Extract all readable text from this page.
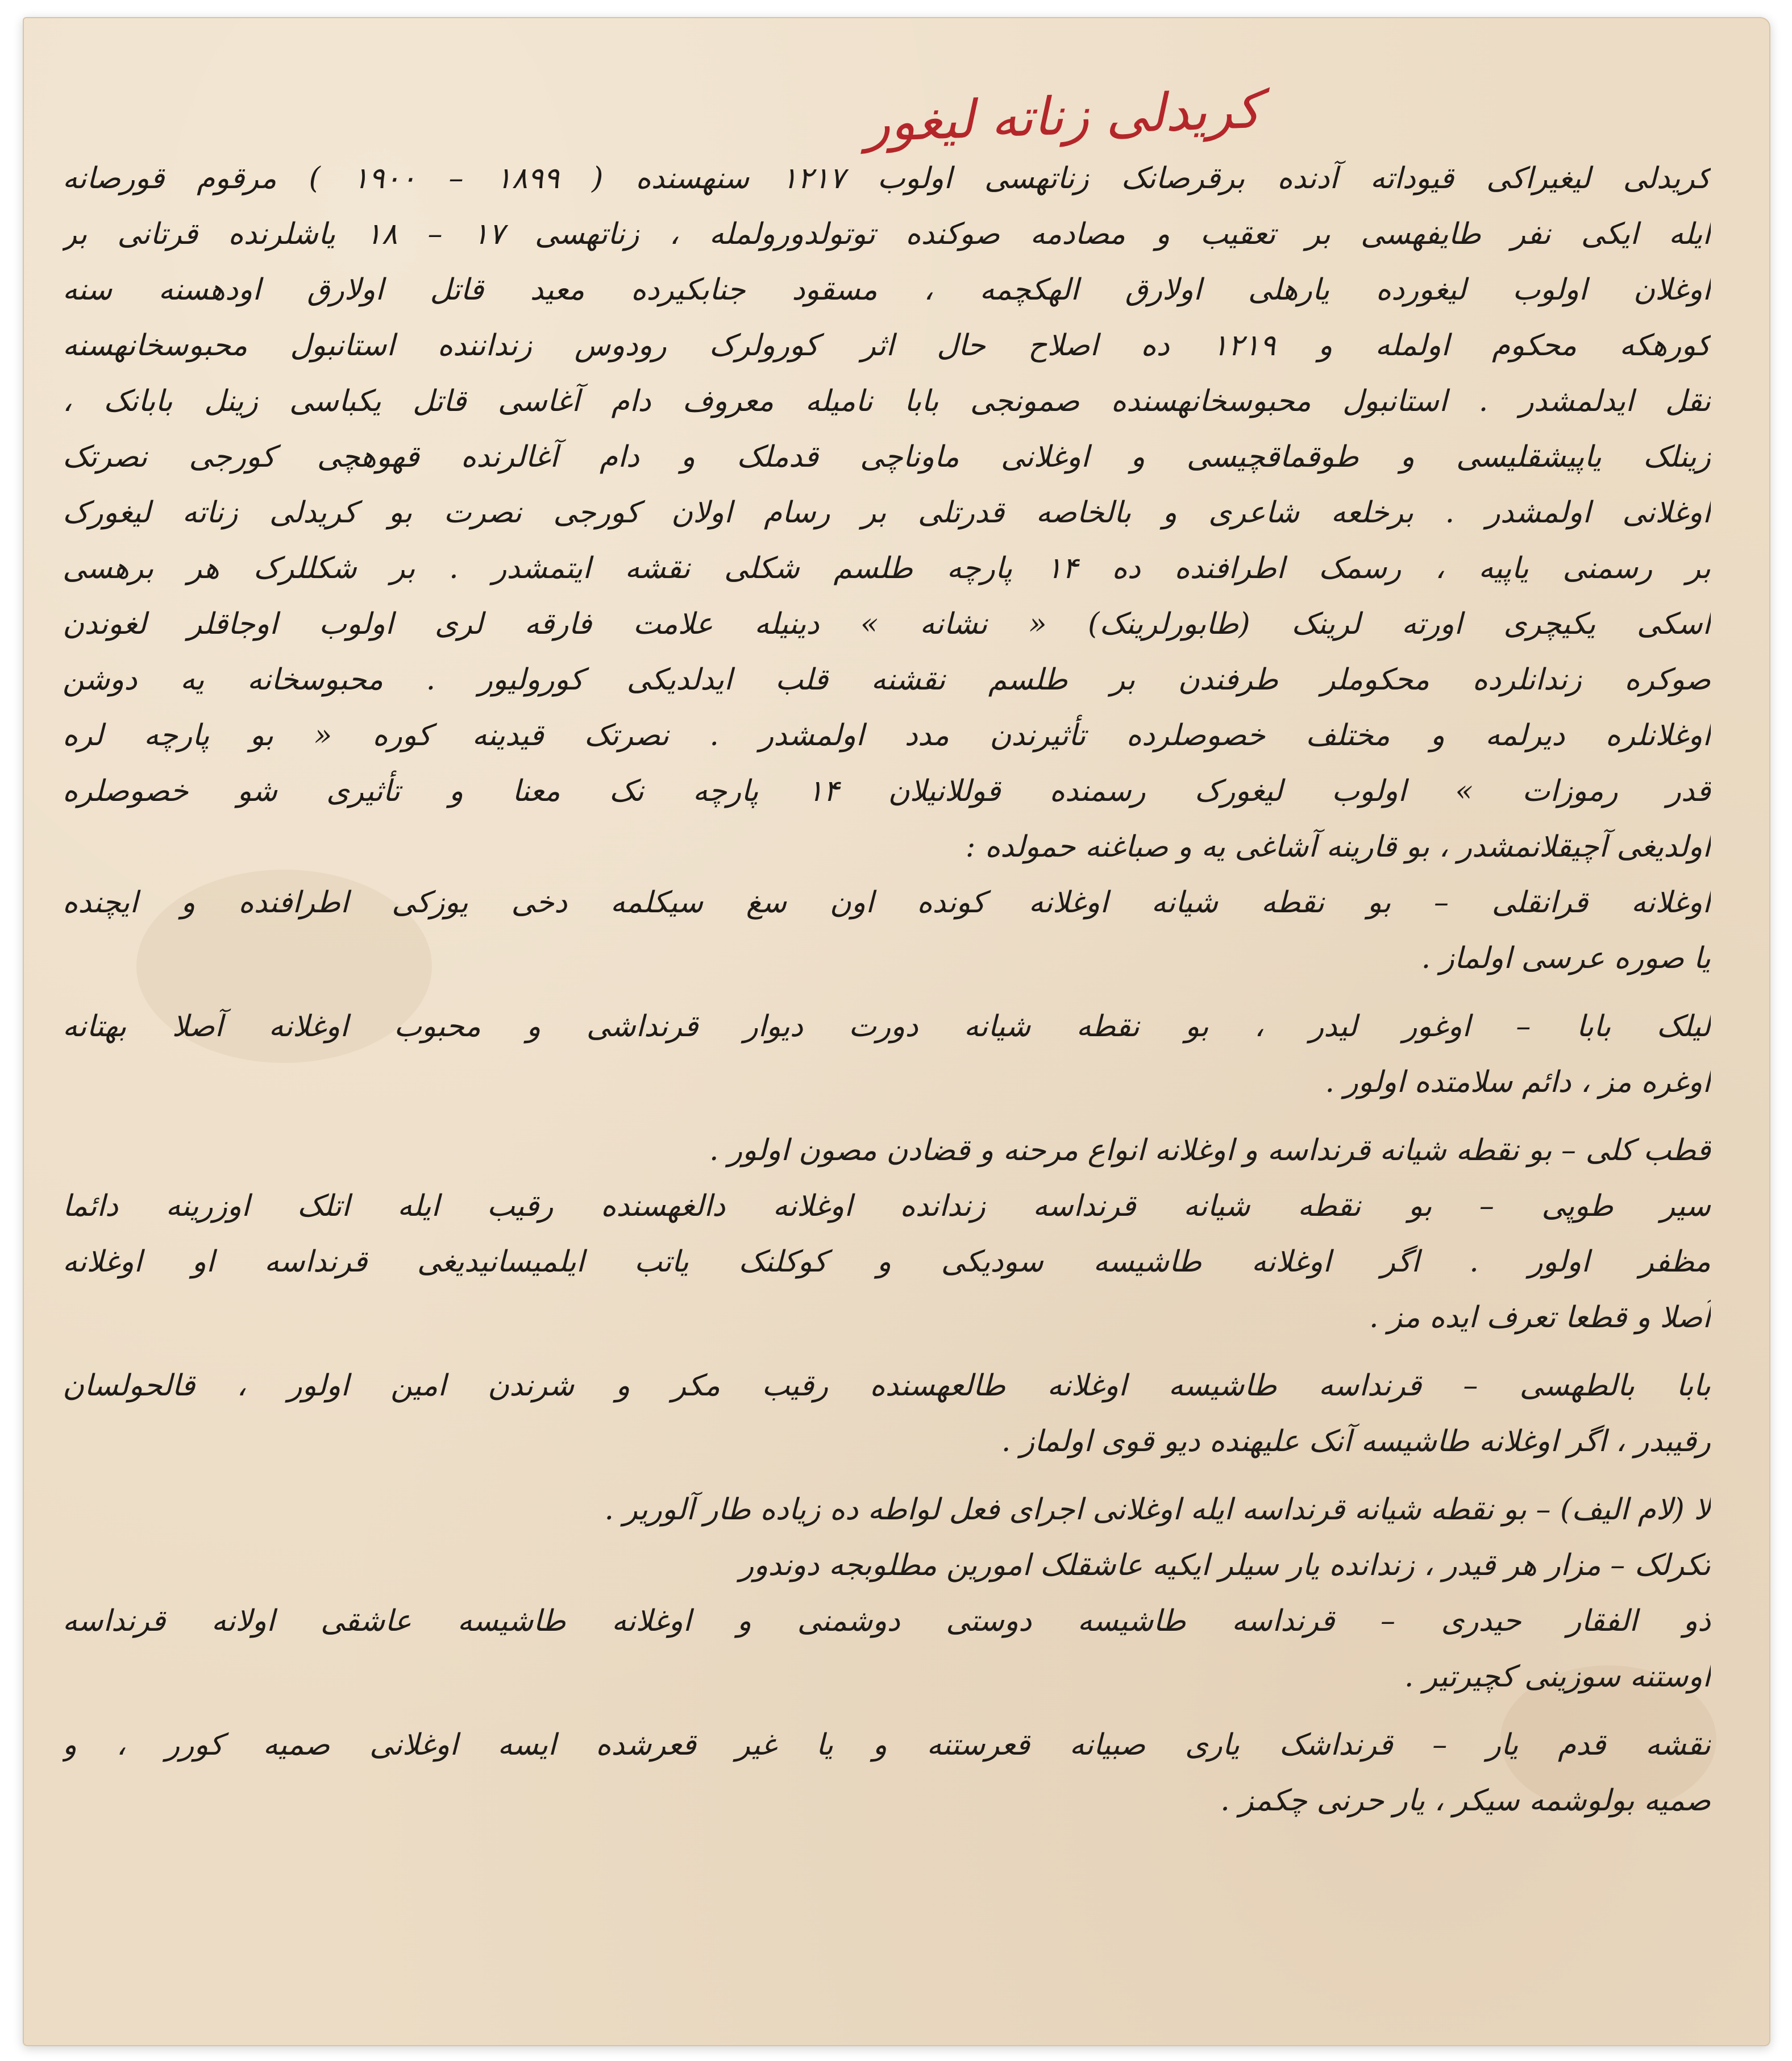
کریدلی زناته لیغور
کریدلی لیغیراکی قیوداته آدنده برقرصانک زناتهسی اولوب ۱۲۱۷ سنهسنده ( ۱۸۹۹ – ۱۹۰۰ ) مرقوم قورصانه
ایله ایکی نفر طایفهسی بر تعقیب و مصادمه صوکنده توتولدورولمله ، زناتهسی ۱۷ – ۱۸ یاشلرنده قرتانی بر
اوغلان اولوب لیغورده یارهلی اولارق الهکچمه ، مسقود جنابکیرده معید قاتل اولارق اودهسنه سنه
کورهکه محکوم اولمله و ۱۲۱۹ ده اصلاح حال اثر کورولرک رودوس زنداننده استانبول محبوسخانهسنه
نقل ایدلمشدر . استانبول محبوسخانهسنده صمونجی بابا نامیله معروف دام آغاسی قاتل یکباسی زینل بابانک ،
زینلک یاپیشقلیسی و طوقماقچیسی و اوغلانی ماوناچی قدملک و دام آغالرنده قهوهچی کورجی نصرتک
اوغلانی اولمشدر . برخلعه شاعری و بالخاصه قدرتلی بر رسام اولان کورجی نصرت بو کریدلی زناته لیغورک
بر رسمنی یاپیه ، رسمک اطرافنده ده ۱۴ پارچه طلسم شکلی نقشه ایتمشدر . بر شکللرک هر برهسی
اسکی یکیچری اورته لرینک (طابورلرینک) « نشانه » دینیله علامت فارقه لری اولوب اوجاقلر لغوندن
صوکره زندانلرده محکوملر طرفندن بر طلسم نقشنه قلب ایدلدیکی کورولیور . محبوسخانه یه دوشن
اوغلانلره دیرلمه و مختلف خصوصلرده تأثیرندن مدد اولمشدر . نصرتک قیدینه کوره « بو پارچه لره
قدر رموزات » اولوب لیغورک رسمنده قوللانیلان ۱۴ پارچه نک معنا و تأثیری شو خصوصلره
اولدیغی آچیقلانمشدر ، بو قارینه آشاغی یه و صباغنه حمولده :
اوغلانه قرانقلی – بو نقطه شیانه اوغلانه کونده اون سغ سیکلمه دخی یوزکی اطرافنده و ایچنده
یا صوره عرسی اولماز .
لیلک بابا – اوغور لیدر ، بو نقطه شیانه دورت دیوار قرنداشی و محبوب اوغلانه آصلا بهتانه
اوغره مز ، دائم سلامتده اولور .
قطب کلی – بو نقطه شیانه قرنداسه و اوغلانه انواع مرحنه و قضادن مصون اولور .
سیر طوپی – بو نقطه شیانه قرنداسه زندانده اوغلانه دالغهسنده رقیب ایله اتلک اوزرینه دائما
مظفر اولور . اگر اوغلانه طاشیسه سودیکی و کوکلنک یاتب ایلمیسانیدیغی قرنداسه او اوغلانه
آصلا و قطعا تعرف ایده مز .
بابا بالطهسی – قرنداسه طاشیسه اوغلانه طالعهسنده رقیب مکر و شرندن امین اولور ، قالحولسان
رقیبدر ، اگر اوغلانه طاشیسه آنک علیهنده دیو قوی اولماز .
لا (لام الیف) – بو نقطه شیانه قرنداسه ایله اوغلانی اجرای فعل لواطه ده زیاده طار آلوریر .
تکرلک – مزار هر قیدر ، زندانده یار سیلر ایکیه عاشقلک امورین مطلوبجه دوندور
ذو الفقار حیدری – قرنداسه طاشیسه دوستی دوشمنی و اوغلانه طاشیسه عاشقی اولانه قرنداسه
اوستنه سوزینی کچیرتیر .
نقشه قدم یار – قرنداشک یاری صبیانه قعرستنه و یا غیر قعرشده ایسه اوغلانی صمیه کورر ، و
صمیه بولوشمه سیکر ، یار حرنی چکمز .
